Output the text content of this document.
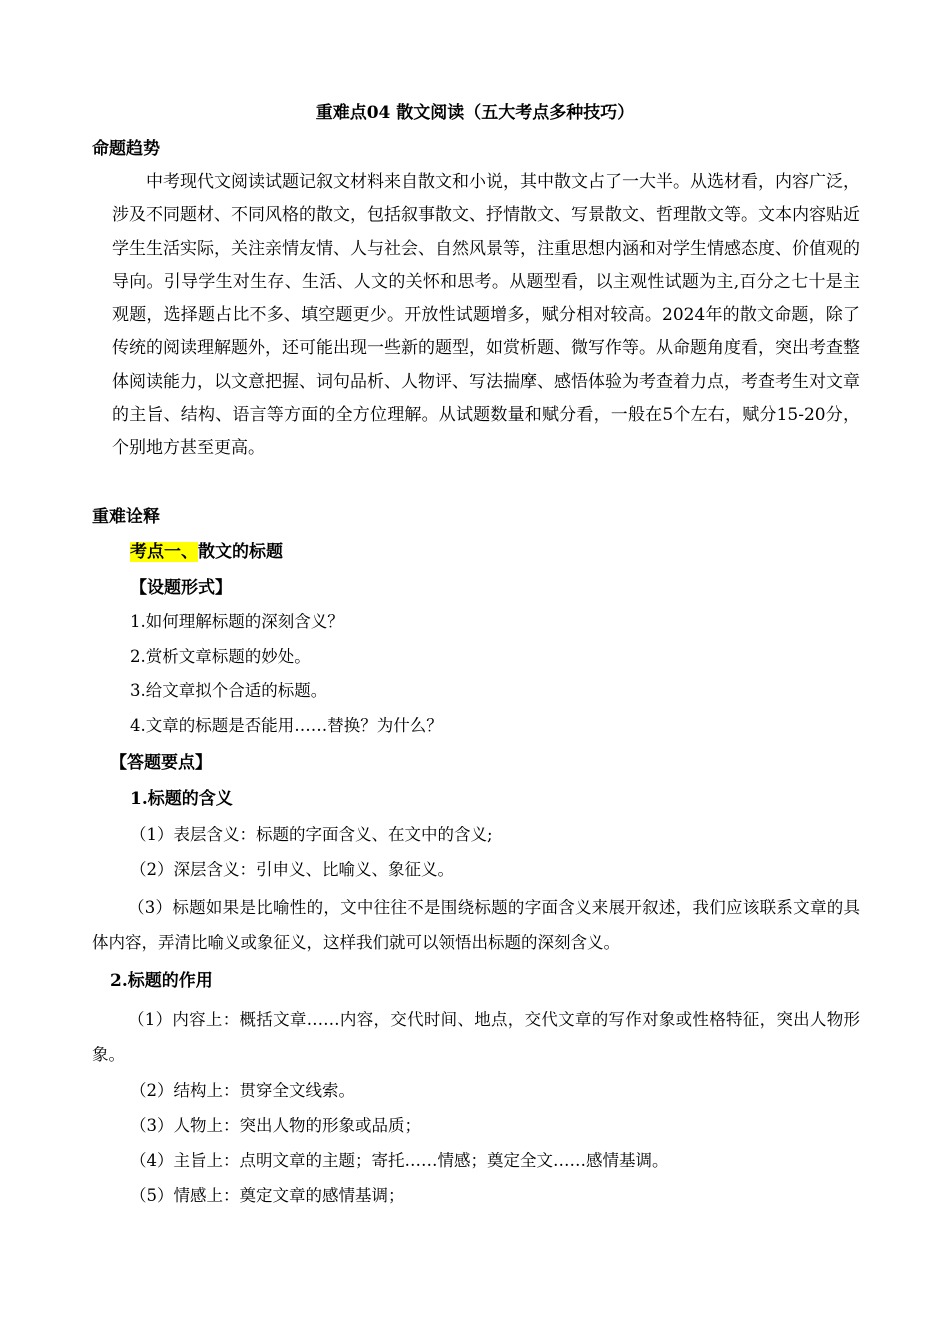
重难点04 散文阅读（五大考点多种技巧）
命题趋势
中考现代文阅读试题记叙文材料来自散文和小说，其中散文占了一大半。从选材看，内容广泛，涉及不同题材、不同风格的散文，包括叙事散文、抒情散文、写景散文、哲理散文等。文本内容贴近学生生活实际，关注亲情友情、人与社会、自然风景等，注重思想内涵和对学生情感态度、价值观的导向。引导学生对生存、生活、人文的关怀和思考。从题型看，以主观性试题为主,百分之七十是主观题，选择题占比不多、填空题更少。开放性试题增多，赋分相对较高。2024年的散文命题，除了传统的阅读理解题外，还可能出现一些新的题型，如赏析题、微写作等。从命题角度看，突出考查整体阅读能力，以文意把握、词句品析、人物评、写法揣摩、感悟体验为考查着力点，考查考生对文章的主旨、结构、语言等方面的全方位理解。从试题数量和赋分看，一般在5个左右，赋分15-20分，个别地方甚至更高。
重难诠释
考点一、散文的标题
【设题形式】
1.如何理解标题的深刻含义？
2.赏析文章标题的妙处。
3.给文章拟个合适的标题。
4.文章的标题是否能用……替换？为什么？
【答题要点】
1.标题的含义
（1）表层含义：标题的字面含义、在文中的含义;
（2）深层含义：引申义、比喻义、象征义。
（3）标题如果是比喻性的，文中往往不是围绕标题的字面含义来展开叙述，我们应该联系文章的具体内容，弄清比喻义或象征义，这样我们就可以领悟出标题的深刻含义。
2.标题的作用
（1）内容上：概括文章……内容，交代时间、地点，交代文章的写作对象或性格特征，突出人物形象。
（2）结构上：贯穿全文线索。
（3）人物上：突出人物的形象或品质；
（4）主旨上：点明文章的主题；寄托……情感；奠定全文……感情基调。
（5）情感上：奠定文章的感情基调；
